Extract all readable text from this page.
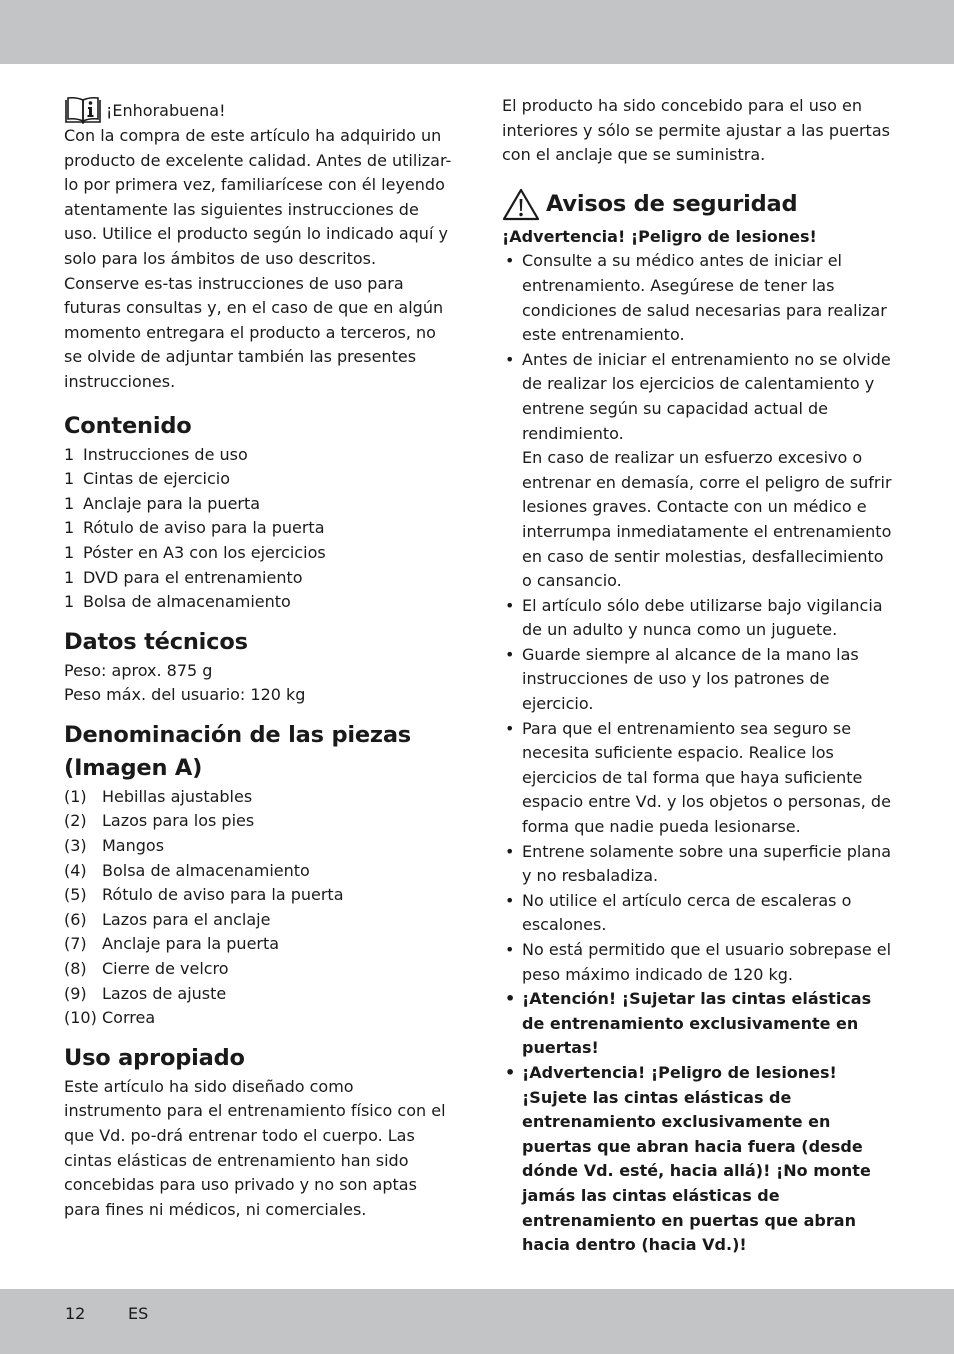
¡Enhorabuena!

Con la compra de este artículo ha adquirido un producto de excelente calidad. Antes de utilizar-lo por primera vez, familiarícese con él leyendo atentamente las siguientes instrucciones de uso. Utilice el producto según lo indicado aquí y solo para los ámbitos de uso descritos. Conserve es-tas instrucciones de uso para futuras consultas y, en el caso de que en algún momento entregara el producto a terceros, no se olvide de adjuntar también las presentes instrucciones.

Contenido
1 Instrucciones de uso
1 Cintas de ejercicio
1 Anclaje para la puerta
1 Rótulo de aviso para la puerta
1 Póster en A3 con los ejercicios
1 DVD para el entrenamiento
1 Bolsa de almacenamiento
Datos técnicos

Peso: aprox. 875 g

Peso máx. del usuario: 120 kg

Denominación de las piezas
(Imagen A)
(1) Hebillas ajustables
(2) Lazos para los pies
(3) Mangos
(4) Bolsa de almacenamiento
(5) Rótulo de aviso para la puerta
(6) Lazos para el anclaje
(7) Anclaje para la puerta
(8) Cierre de velcro
(9) Lazos de ajuste
(10) Correa
Uso apropiado

Este artículo ha sido diseñado como instrumento para el entrenamiento físico con el que Vd. po-drá entrenar todo el cuerpo. Las cintas elásticas de entrenamiento han sido concebidas para uso privado y no son aptas para fines ni médicos, ni comerciales.

El producto ha sido concebido para el uso en interiores y sólo se permite ajustar a las puertas con el anclaje que se suministra.

Avisos de seguridad

¡Advertencia! ¡Peligro de lesiones!

• Consulte a su médico antes de iniciar el entrenamiento. Asegúrese de tener las condiciones de salud necesarias para realizar este entrenamiento.
• Antes de iniciar el entrenamiento no se olvide de realizar los ejercicios de calentamiento y entrene según su capacidad actual de rendimiento.
En caso de realizar un esfuerzo excesivo o entrenar en demasía, corre el peligro de sufrir lesiones graves. Contacte con un médico e interrumpa inmediatamente el entrenamiento en caso de sentir molestias, desfallecimiento o cansancio.
• El artículo sólo debe utilizarse bajo vigilancia de un adulto y nunca como un juguete.
• Guarde siempre al alcance de la mano las instrucciones de uso y los patrones de ejercicio.
• Para que el entrenamiento sea seguro se necesita suficiente espacio. Realice los ejercicios de tal forma que haya suficiente espacio entre Vd. y los objetos o personas, de forma que nadie pueda lesionarse.
• Entrene solamente sobre una superficie plana y no resbaladiza.
• No utilice el artículo cerca de escaleras o escalones.
• No está permitido que el usuario sobrepase el peso máximo indicado de 120 kg.
• ¡Atención! ¡Sujetar las cintas elásticas de entrenamiento exclusivamente en puertas!
• ¡Advertencia! ¡Peligro de lesiones! ¡Sujete las cintas elásticas de entrenamiento exclusivamente en puertas que abran hacia fuera (desde dónde Vd. esté, hacia allá)! ¡No monte jamás las cintas elásticas de entrenamiento en puertas que abran hacia dentro (hacia Vd.)!
12	ES
